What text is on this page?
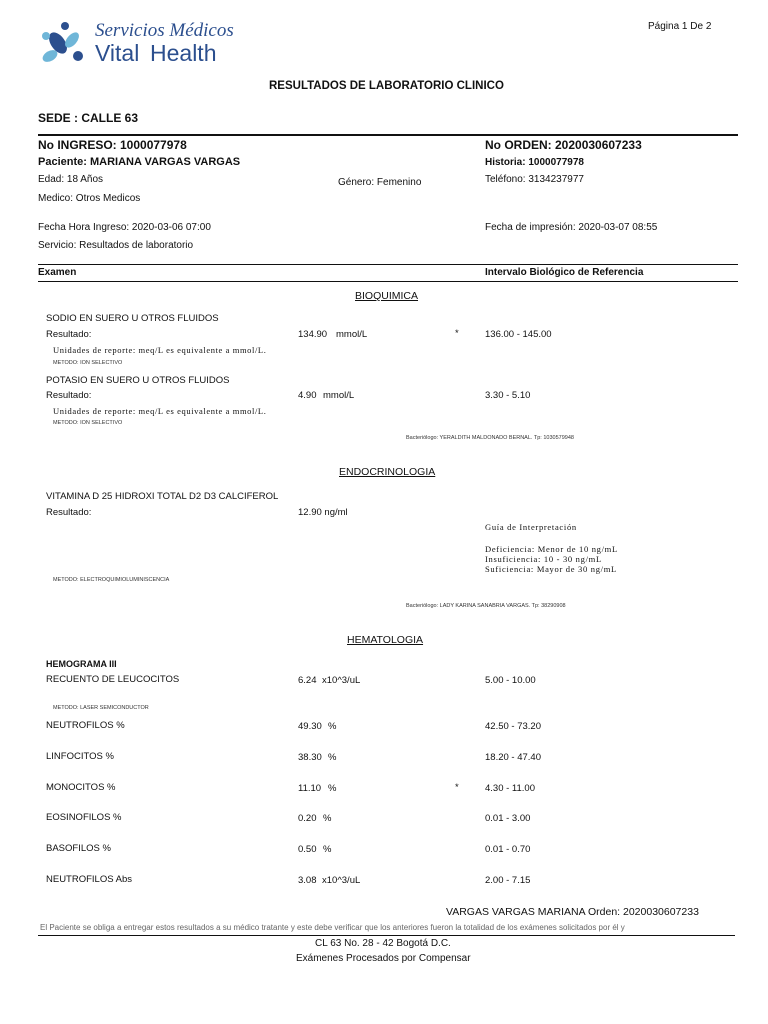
Servicios Médicos
Vital Health
Página 1 De 2
RESULTADOS DE LABORATORIO CLINICO
SEDE : CALLE 63
No INGRESO: 1000077978	No ORDEN: 2020030607233
Paciente: MARIANA VARGAS VARGAS	Historia: 1000077978
Edad: 18 Años	Género: Femenino	Teléfono: 3134237977
Medico: Otros Medicos
Fecha Hora Ingreso: 2020-03-06 07:00	Fecha de impresión: 2020-03-07 08:55
Servicio: Resultados de laboratorio
Examen	Intervalo Biológico de Referencia
BIOQUIMICA
SODIO EN SUERO U OTROS FLUIDOS
Resultado:	134.90 mmol/L	*	136.00 - 145.00
Unidades de reporte: meq/L es equivalente a mmol/L.
METODO: ION SELECTIVO
POTASIO EN SUERO U OTROS FLUIDOS
Resultado:	4.90 mmol/L	3.30 - 5.10
Unidades de reporte: meq/L es equivalente a mmol/L.
METODO: ION SELECTIVO
Bacteriólogo: YERALDITH MALDONADO BERNAL. Tp: 1030579948
ENDOCRINOLOGIA
VITAMINA D 25 HIDROXI TOTAL D2 D3 CALCIFEROL
Resultado:	12.90 ng/ml
Guía de Interpretación
Deficiencia: Menor de 10 ng/mL
Insuficiencia: 10 - 30 ng/mL
Suficiencia: Mayor de 30 ng/mL
METODO: ELECTROQUIMIOLUMINISCENCIA
Bacteriólogo: LADY KARINA SANABRIA VARGAS. Tp: 38290908
HEMATOLOGIA
HEMOGRAMA III
RECUENTO DE LEUCOCITOS	6.24 x10^3/uL	5.00 - 10.00
METODO: LASER SEMICONDUCTOR
NEUTROFILOS %	49.30 %	42.50 - 73.20
LINFOCITOS %	38.30 %	18.20 - 47.40
MONOCITOS %	11.10 %	*	4.30 - 11.00
EOSINOFILOS %	0.20 %	0.01 - 3.00
BASOFILOS %	0.50 %	0.01 - 0.70
NEUTROFILOS Abs	3.08 x10^3/uL	2.00 - 7.15
VARGAS VARGAS MARIANA Orden: 2020030607233
El Paciente se obliga a entregar estos resultados a su médico tratante y este debe verificar que los anteriores fueron la totalidad de los exámenes solicitados por él y
CL 63 No. 28 - 42 Bogotá D.C.
Exámenes Procesados por Compensar
